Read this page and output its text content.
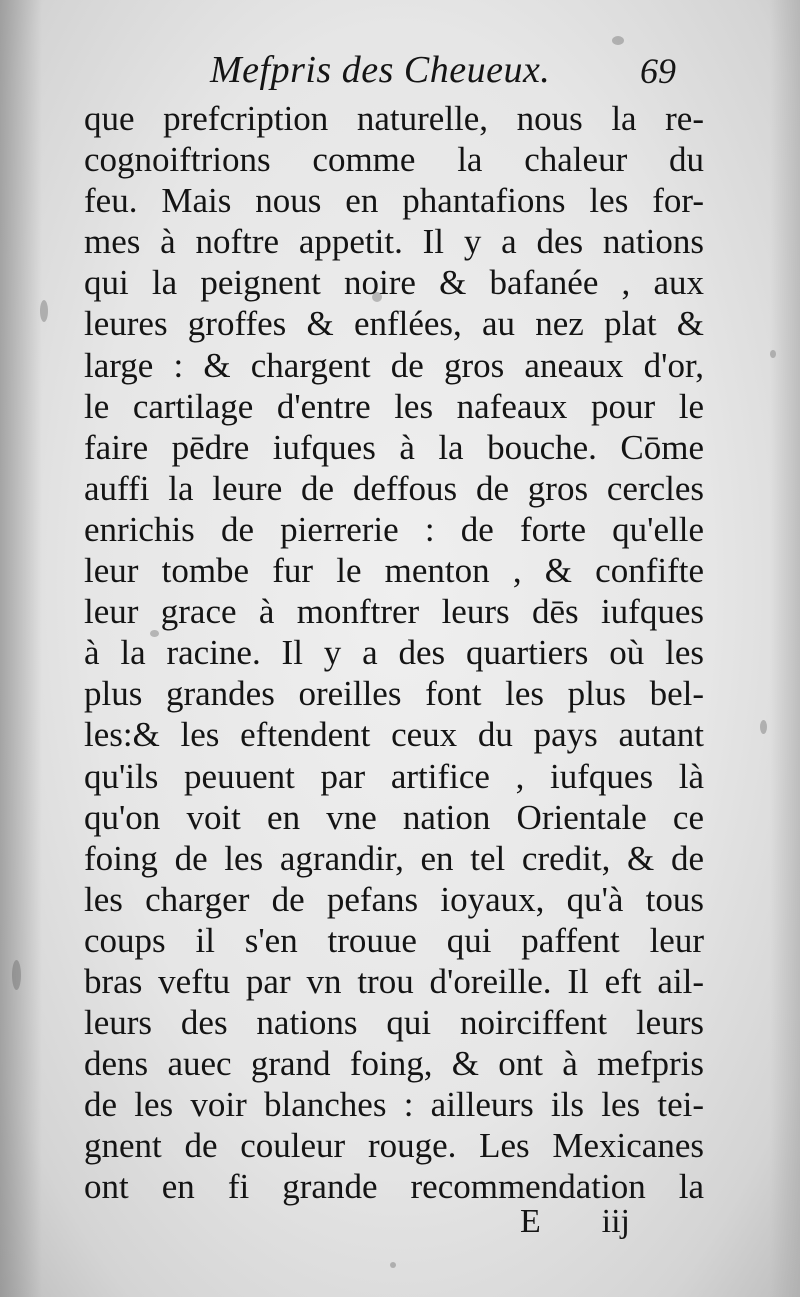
Mefpris des Cheueux. 69
que prefcription naturelle, nous la re-
cognoiftrions comme la chaleur du
feu. Mais nous en phantafions les for-
mes à noftre appetit. Il y a des nations
qui la peignent noire & bafanée , aux
leures groffes & enflées, au nez plat &
large : & chargent de gros aneaux d'or,
le cartilage d'entre les nafeaux pour le
faire pēdre iufques à la bouche. Cōme
auffi la leure de deffous de gros cercles
enrichis de pierrerie : de forte qu'elle
leur tombe fur le menton , & confifte
leur grace à monftrer leurs dēs iufques
à la racine. Il y a des quartiers où les
plus grandes oreilles font les plus bel-
les:& les eftendent ceux du pays autant
qu'ils peuuent par artifice , iufques là
qu'on voit en vne nation Orientale ce
foing de les agrandir, en tel credit, & de
les charger de pefans ioyaux, qu'à tous
coups il s'en trouue qui paffent leur
bras veftu par vn trou d'oreille. Il eft ail-
leurs des nations qui noirciffent leurs
dens auec grand foing, & ont à mefpris
de les voir blanches : ailleurs ils les tei-
gnent de couleur rouge. Les Mexicanes
ont en fi grande recommendation la
E iij
